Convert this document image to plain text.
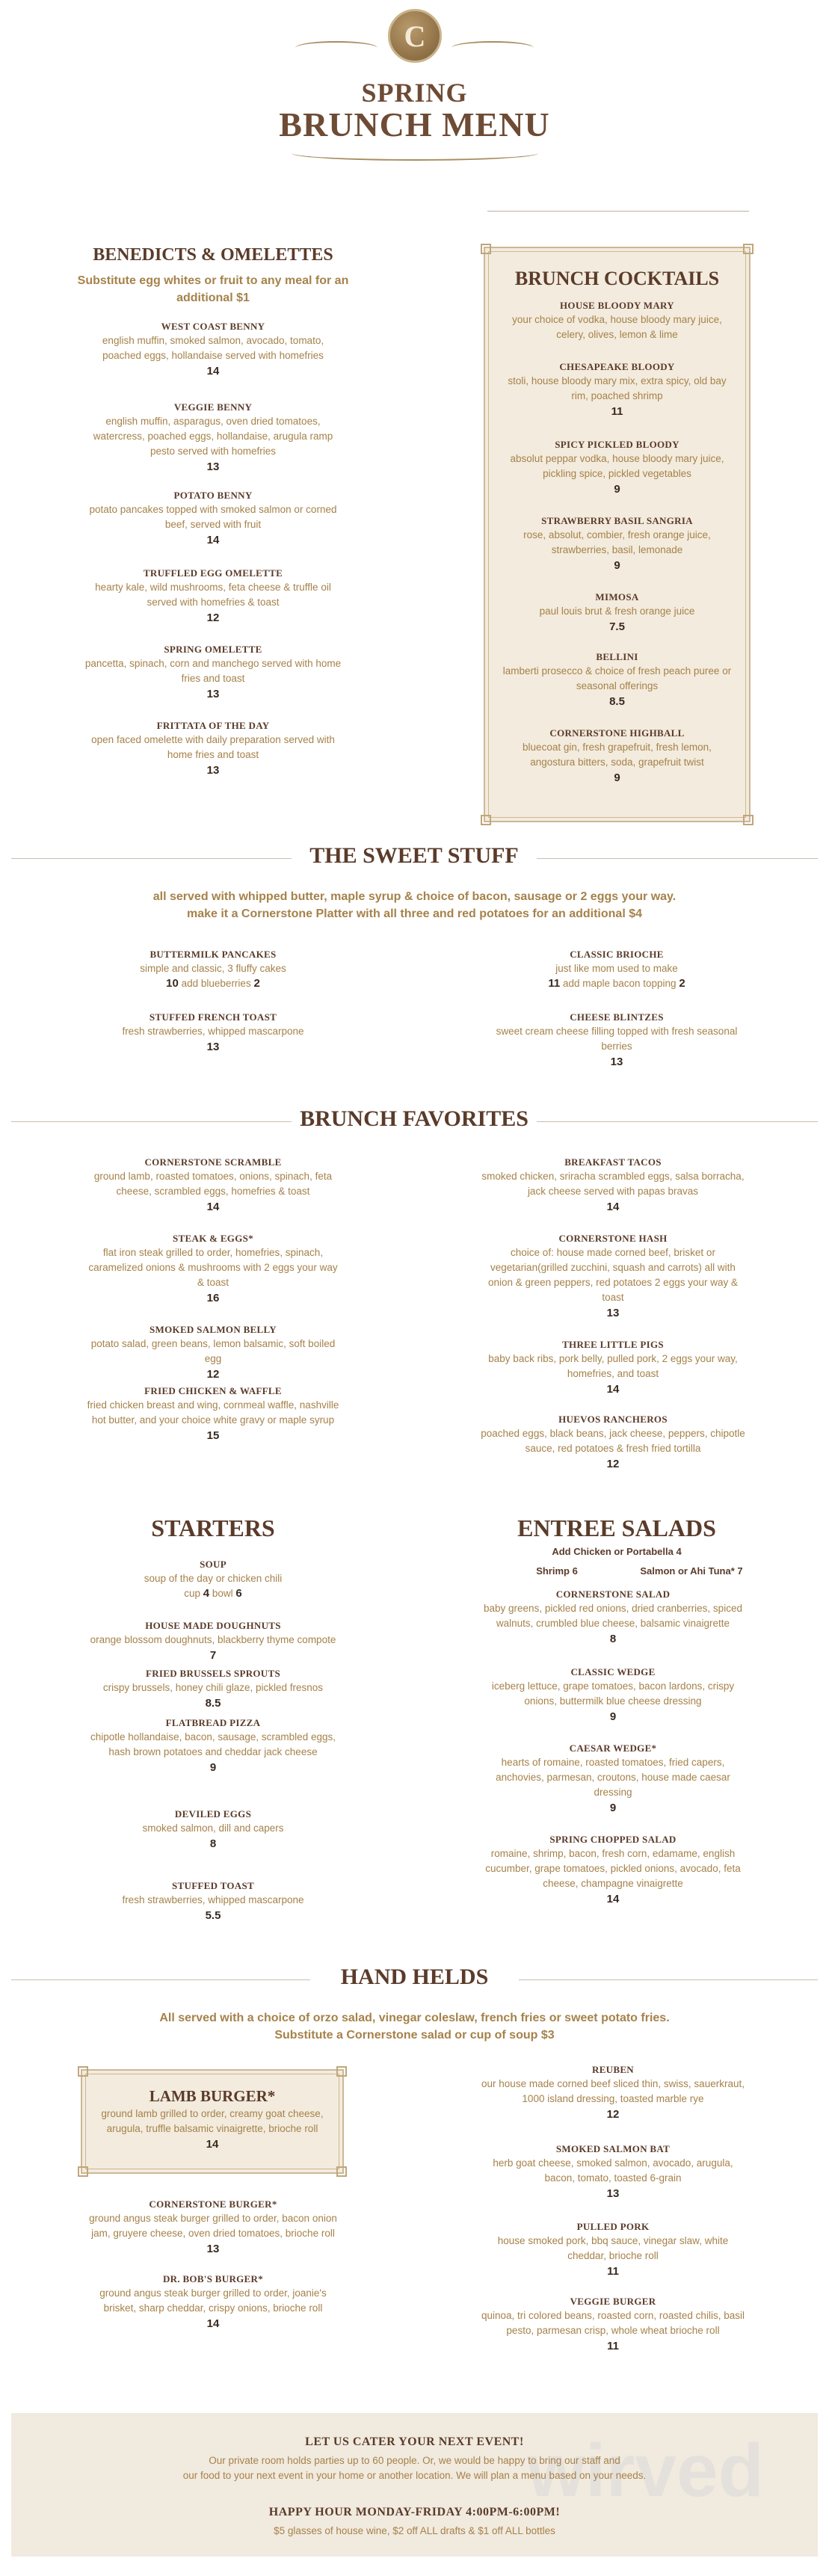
C
SPRING
BRUNCH MENU
BENEDICTS & OMELETTES
Substitute egg whites or fruit to any meal for an additional $1
BRUNCH COCKTAILS
HOUSE BLOODY MARY
your choice of vodka, house bloody mary juice, celery, olives, lemon & lime
CHESAPEAKE BLOODY
stoli, house bloody mary mix, extra spicy, old bay rim, poached shrimp
11
SPICY PICKLED BLOODY
absolut peppar vodka, house bloody mary juice, pickling spice, pickled vegetables
9
STRAWBERRY BASIL SANGRIA
rose, absolut, combier, fresh orange juice, strawberries, basil, lemonade
9
MIMOSA
paul louis brut & fresh orange juice
7.5
BELLINI
lamberti prosecco & choice of fresh peach puree or seasonal offerings
8.5
CORNERSTONE HIGHBALL
bluecoat gin, fresh grapefruit, fresh lemon, angostura bitters, soda, grapefruit twist
9
THE SWEET STUFF
all served with whipped butter, maple syrup & choice of bacon, sausage or 2 eggs your way.
make it a Cornerstone Platter with all three and red potatoes for an additional $4
BRUNCH FAVORITES
STARTERS	ENTREE SALADS
Add Chicken or Portabella 4
Shrimp 6	Salmon or Ahi Tuna* 7
HAND HELDS
All served with a choice of orzo salad, vinegar coleslaw, french fries or sweet potato fries.
Substitute a Cornerstone salad or cup of soup $3
LAMB BURGER*
ground lamb grilled to order, creamy goat cheese, arugula, truffle balsamic vinaigrette, brioche roll
14
wirved
LET US CATER YOUR NEXT EVENT!
Our private room holds parties up to 60 people. Or, we would be happy to bring our staff and
our food to your next event in your home or another location. We will plan a menu based on your needs.
HAPPY HOUR MONDAY-FRIDAY 4:00PM-6:00PM!
$5 glasses of house wine, $2 off ALL drafts & $1 off ALL bottles
WEST COAST BENNY
english muffin, smoked salmon, avocado, tomato, poached eggs, hollandaise served with homefries
14
VEGGIE BENNY
english muffin, asparagus, oven dried tomatoes, watercress, poached eggs, hollandaise, arugula ramp pesto served with homefries
13
POTATO BENNY
potato pancakes topped with smoked salmon or corned beef, served with fruit
14
TRUFFLED EGG OMELETTE
hearty kale, wild mushrooms, feta cheese & truffle oil served with homefries & toast
12
SPRING OMELETTE
pancetta, spinach, corn and manchego served with home fries and toast
13
FRITTATA OF THE DAY
open faced omelette with daily preparation served with home fries and toast
13
BUTTERMILK PANCAKES
simple and classic, 3 fluffy cakes
10 add blueberries 2
CLASSIC BRIOCHE
just like mom used to make
11 add maple bacon topping 2
STUFFED FRENCH TOAST
fresh strawberries, whipped mascarpone
13
CHEESE BLINTZES
sweet cream cheese filling topped with fresh seasonal berries
13
CORNERSTONE SCRAMBLE
ground lamb, roasted tomatoes, onions, spinach, feta cheese, scrambled eggs, homefries & toast
14
STEAK & EGGS*
flat iron steak grilled to order, homefries, spinach, caramelized onions & mushrooms with 2 eggs your way & toast
16
SMOKED SALMON BELLY
potato salad, green beans, lemon balsamic, soft boiled egg
12
FRIED CHICKEN & WAFFLE
fried chicken breast and wing, cornmeal waffle, nashville hot butter, and your choice white gravy or maple syrup
15
BREAKFAST TACOS
smoked chicken, sriracha scrambled eggs, salsa borracha, jack cheese served with papas bravas
14
CORNERSTONE HASH
choice of: house made corned beef, brisket or vegetarian(grilled zucchini, squash and carrots) all with onion & green peppers, red potatoes 2 eggs your way & toast
13
THREE LITTLE PIGS
baby back ribs, pork belly, pulled pork, 2 eggs your way, homefries, and toast
14
HUEVOS RANCHEROS
poached eggs, black beans, jack cheese, peppers, chipotle sauce, red potatoes & fresh fried tortilla
12
SOUP
soup of the day or chicken chili
cup 4 bowl 6
HOUSE MADE DOUGHNUTS
orange blossom doughnuts, blackberry thyme compote
7
FRIED BRUSSELS SPROUTS
crispy brussels, honey chili glaze, pickled fresnos
8.5
FLATBREAD PIZZA
chipotle hollandaise, bacon, sausage, scrambled eggs, hash brown potatoes and cheddar jack cheese
9
DEVILED EGGS
smoked salmon, dill and capers
8
STUFFED TOAST
fresh strawberries, whipped mascarpone
5.5
CORNERSTONE SALAD
baby greens, pickled red onions, dried cranberries, spiced walnuts, crumbled blue cheese, balsamic vinaigrette
8
CLASSIC WEDGE
iceberg lettuce, grape tomatoes, bacon lardons, crispy onions, buttermilk blue cheese dressing
9
CAESAR WEDGE*
hearts of romaine, roasted tomatoes, fried capers, anchovies, parmesan, croutons, house made caesar dressing
9
SPRING CHOPPED SALAD
romaine, shrimp, bacon, fresh corn, edamame, english cucumber, grape tomatoes, pickled onions, avocado, feta cheese, champagne vinaigrette
14
CORNERSTONE BURGER*
ground angus steak burger grilled to order, bacon onion jam, gruyere cheese, oven dried tomatoes, brioche roll
13
DR. BOB'S BURGER*
ground angus steak burger grilled to order, joanie's brisket, sharp cheddar, crispy onions, brioche roll
14
REUBEN
our house made corned beef sliced thin, swiss, sauerkraut, 1000 island dressing, toasted marble rye
12
SMOKED SALMON BAT
herb goat cheese, smoked salmon, avocado, arugula, bacon, tomato, toasted 6-grain
13
PULLED PORK
house smoked pork, bbq sauce, vinegar slaw, white cheddar, brioche roll
11
VEGGIE BURGER
quinoa, tri colored beans, roasted corn, roasted chilis, basil pesto, parmesan crisp, whole wheat brioche roll
11
